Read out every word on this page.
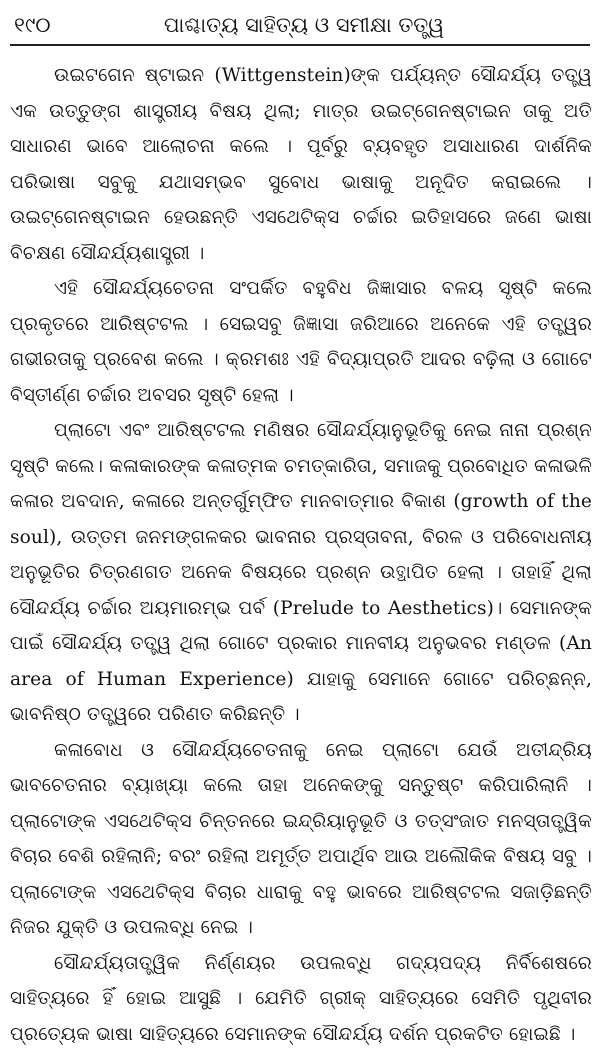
୧୯୦	ପାଶ୍ଚାତ୍ୟ ସାହିତ୍ୟ ଓ ସମୀକ୍ଷା ତତ୍ତ୍ୱ

ଉଇଟଗେନ ଷ୍ଟାଇନ (Wittgenstein)ଙ୍କ ପର୍ଯ୍ୟନ୍ତ ସୌନ୍ଦର୍ଯ୍ୟ ତତ୍ତ୍ୱ ଏକ ଉତ୍ତୁଙ୍ଗ ଶାସ୍ତ୍ରୀୟ ବିଷୟ ଥିଲା; ମାତ୍ର ଉଇଟ୍‌ଗେନଷ୍ଟାଇନ ତାକୁ ଅତି ସାଧାରଣ ଭାବେ ଆଲୋଚନା କଲେ । ପୂର୍ବରୁ ବ୍ୟବହୃତ ଅସାଧାରଣ ଦାର୍ଶନିକ ପରିଭାଷା ସବୁକୁ ଯଥାସମ୍ଭବ ସୁବୋଧ ଭାଷାକୁ ଅନୂଦିତ କରାଇଲେ । ଉଇଟ୍‌ଗେନଷ୍ଟାଇନ ହେଉଛନ୍ତି ଏସଥେଟିକ୍‌ସ ଚର୍ଚ୍ଚାର ଇତିହାସରେ ଜଣେ ଭାଷା ବିଚକ୍ଷଣ ସୌନ୍ଦର୍ଯ୍ୟଶାସ୍ତ୍ରୀ ।

ଏହି ସୌନ୍ଦର୍ଯ୍ୟଚେତନା ସଂପର୍କିତ ବହୁବିଧ ଜିଜ୍ଞାସାର ବଳୟ ସୃଷ୍ଟି କଲେ ପ୍ରକୃତରେ ଆରିଷ୍ଟଟଲ । ସେଇସବୁ ଜିଜ୍ଞାସା ଜରିଆରେ ଅନେକେ ଏହି ତତ୍ତ୍ୱର ଗଭୀରତାକୁ ପ୍ରବେଶ କଲେ । କ୍ରମଶଃ ଏହି ବିଦ୍ୟାପ୍ରତି ଆଦର ବଢ଼ିଲା ଓ ଗୋଟେ ବିସ୍ତୀର୍ଣ୍ଣ ଚର୍ଚ୍ଚାର ଅବସର ସୃଷ୍ଟି ହେଲା ।

ପ୍ଲାଟୋ ଏବଂ ଆରିଷ୍ଟଟଲ ମଣିଷର ସୌନ୍ଦର୍ଯ୍ୟାନୁଭୂତିକୁ ନେଇ ନାନା ପ୍ରଶ୍ନ ସୃଷ୍ଟି କଲେ। କଳାକାରଙ୍କ କଳାତ୍ମକ ଚମତ୍କାରିତା, ସମାଜକୁ ପ୍ରବୋଧିତ କଳାଭଳି କଳାର ଅବଦାନ, କଳାରେ ଅନ୍ତର୍ଗୁମ୍ଫିତ ମାନବାତ୍ମାର ବିକାଶ (growth of the soul), ଉତ୍ତମ ଜନମଙ୍ଗଳକର ଭାବନାର ପ୍ରସ୍ତାବନା, ବିରଳ ଓ ପରିବୋଧନୀୟ ଅନୁଭୂତିର ଚିତ୍ରଣଗତ ଅନେକ ବିଷୟରେ ପ୍ରଶ୍ନ ଉତ୍ଥାପିତ ହେଲା । ତାହାହିଁ ଥିଲା ସୌନ୍ଦର୍ଯ୍ୟ ଚର୍ଚ୍ଚାର ଅୟମାରମ୍ଭ ପର୍ବ (Prelude to Aesthetics)। ସେମାନଙ୍କ ପାଇଁ ସୌନ୍ଦର୍ଯ୍ୟ ତତ୍ତ୍ୱ ଥିଲା ଗୋଟେ ପ୍ରକାର ମାନବୀୟ ଅନୁଭବର ମଣ୍ଡଳ (An area of Human Experience) ଯାହାକୁ ସେମାନେ ଗୋଟେ ପରିଚ୍ଛନ୍ନ, ଭାବନିଷ୍ଠ ତତ୍ତ୍ୱରେ ପରିଣତ କରିଛନ୍ତି ।

କଳାବୋଧ ଓ ସୌନ୍ଦର୍ଯ୍ୟଚେତନାକୁ ନେଇ ପ୍ଲାଟୋ ଯେଉଁ ଅତୀନ୍ଦ୍ରିୟ ଭାବଚେତନାର ବ୍ୟାଖ୍ୟା କଲେ ତାହା ଅନେକଙ୍କୁ ସନ୍ତୁଷ୍ଟ କରିପାରିଲାନି । ପ୍ଲାଟୋଙ୍କ ଏସଥେଟିକ୍‌ସ ଚିନ୍ତନରେ ଇନ୍ଦ୍ରିୟାନୁଭୂତି ଓ ତତ୍‌ସଂଜାତ ମନସ୍ତାତ୍ତ୍ୱିକ ବିଚାର ବେଶି ରହିଲାନି; ବରଂ ରହିଲା ଅମୂର୍ତ୍ତ ଅପାର୍ଥିବ ଆଉ ଅଲୌକିକ ବିଷୟ ସବୁ । ପ୍ଲାଟୋଙ୍କ ଏସଥେଟିକ୍‌ସ ବିଚାର ଧାରାକୁ ବହୁ ଭାବରେ ଆରିଷ୍ଟଟଲ ସଜାଡ଼ିଛନ୍ତି ନିଜର ଯୁକ୍ତି ଓ ଉପଲବ୍ଧି ନେଇ ।

ସୌନ୍ଦର୍ଯ୍ୟତାତ୍ତ୍ୱିକ ନିର୍ଣ୍ଣୟର ଉପଲବ୍ଧି ଗଦ୍ୟପଦ୍ୟ ନିର୍ବିଶେଷରେ ସାହିତ୍ୟରେ ହିଁ ହୋଇ ଆସୁଛି । ଯେମିତି ଗ୍ରୀକ୍ ସାହିତ୍ୟରେ ସେମିତି ପୃଥିବୀର ପ୍ରତ୍ୟେକ ଭାଷା ସାହିତ୍ୟରେ ସେମାନଙ୍କ ସୌନ୍ଦର୍ଯ୍ୟ ଦର୍ଶନ ପ୍ରକଟିତ ହୋଇଛି ।
